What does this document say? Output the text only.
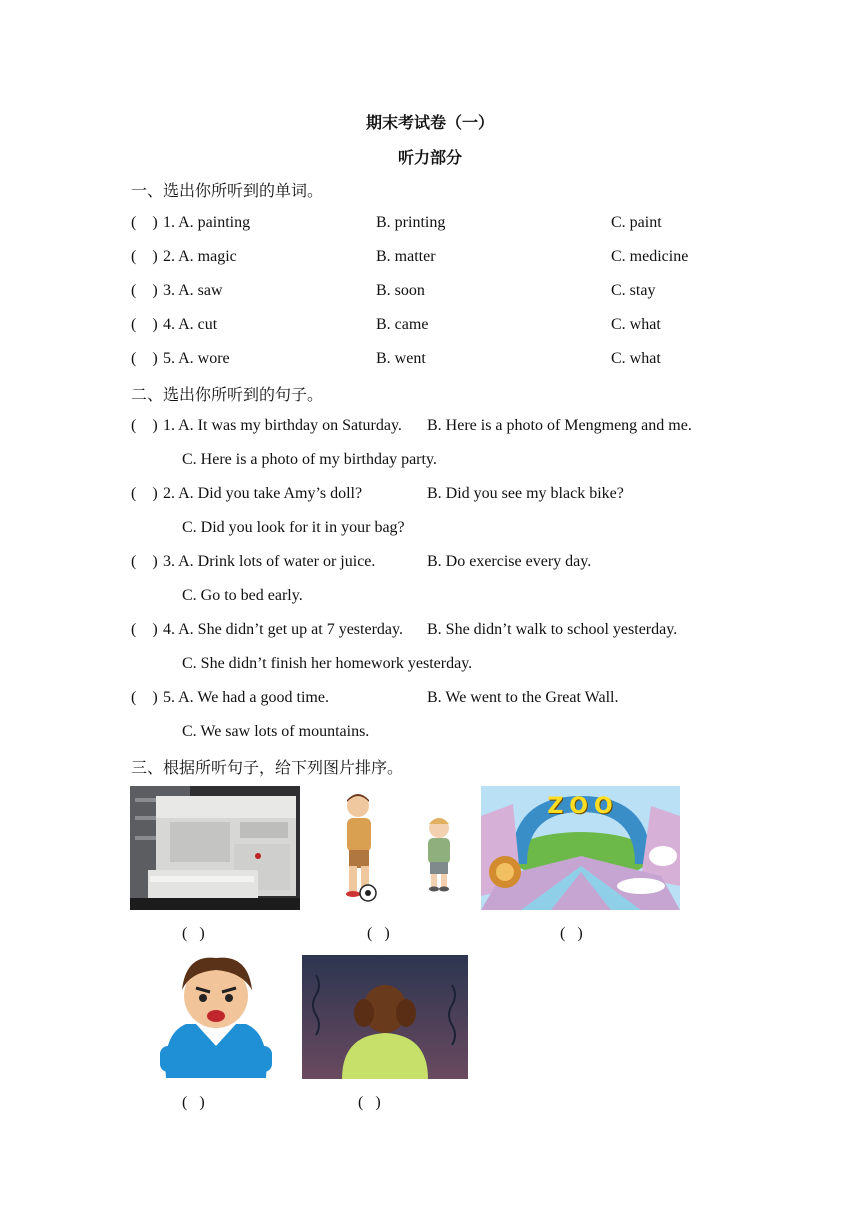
期末考试卷（一）
听力部分
一、选出你所听到的单词。
(    ) 1. A. painting	B. printing	C. paint
(    ) 2. A. magic	B. matter	C. medicine
(    ) 3. A. saw	B. soon	C. stay
(    ) 4. A. cut	B. came	C. what
(    ) 5. A. wore	B. went	C. what
二、选出你所听到的句子。
(    ) 1. A. It was my birthday on Saturday. B. Here is a photo of Mengmeng and me.
C. Here is a photo of my birthday party.
(    ) 2. A. Did you take Amy’s doll?	B. Did you see my black bike?
C. Did you look for it in your bag?
(    ) 3. A. Drink lots of water or juice.	B. Do exercise every day.
C. Go to bed early.
(    ) 4. A. She didn’t get up at 7 yesterday. B. She didn’t walk to school yesterday.
C. She didn’t finish her homework yesterday.
(    ) 5. A. We had a good time.	B. We went to the Great Wall.
C. We saw lots of mountains.
三、根据所听句子，给下列图片排序。
ZOO
( )	( )	( )
( )	( )
